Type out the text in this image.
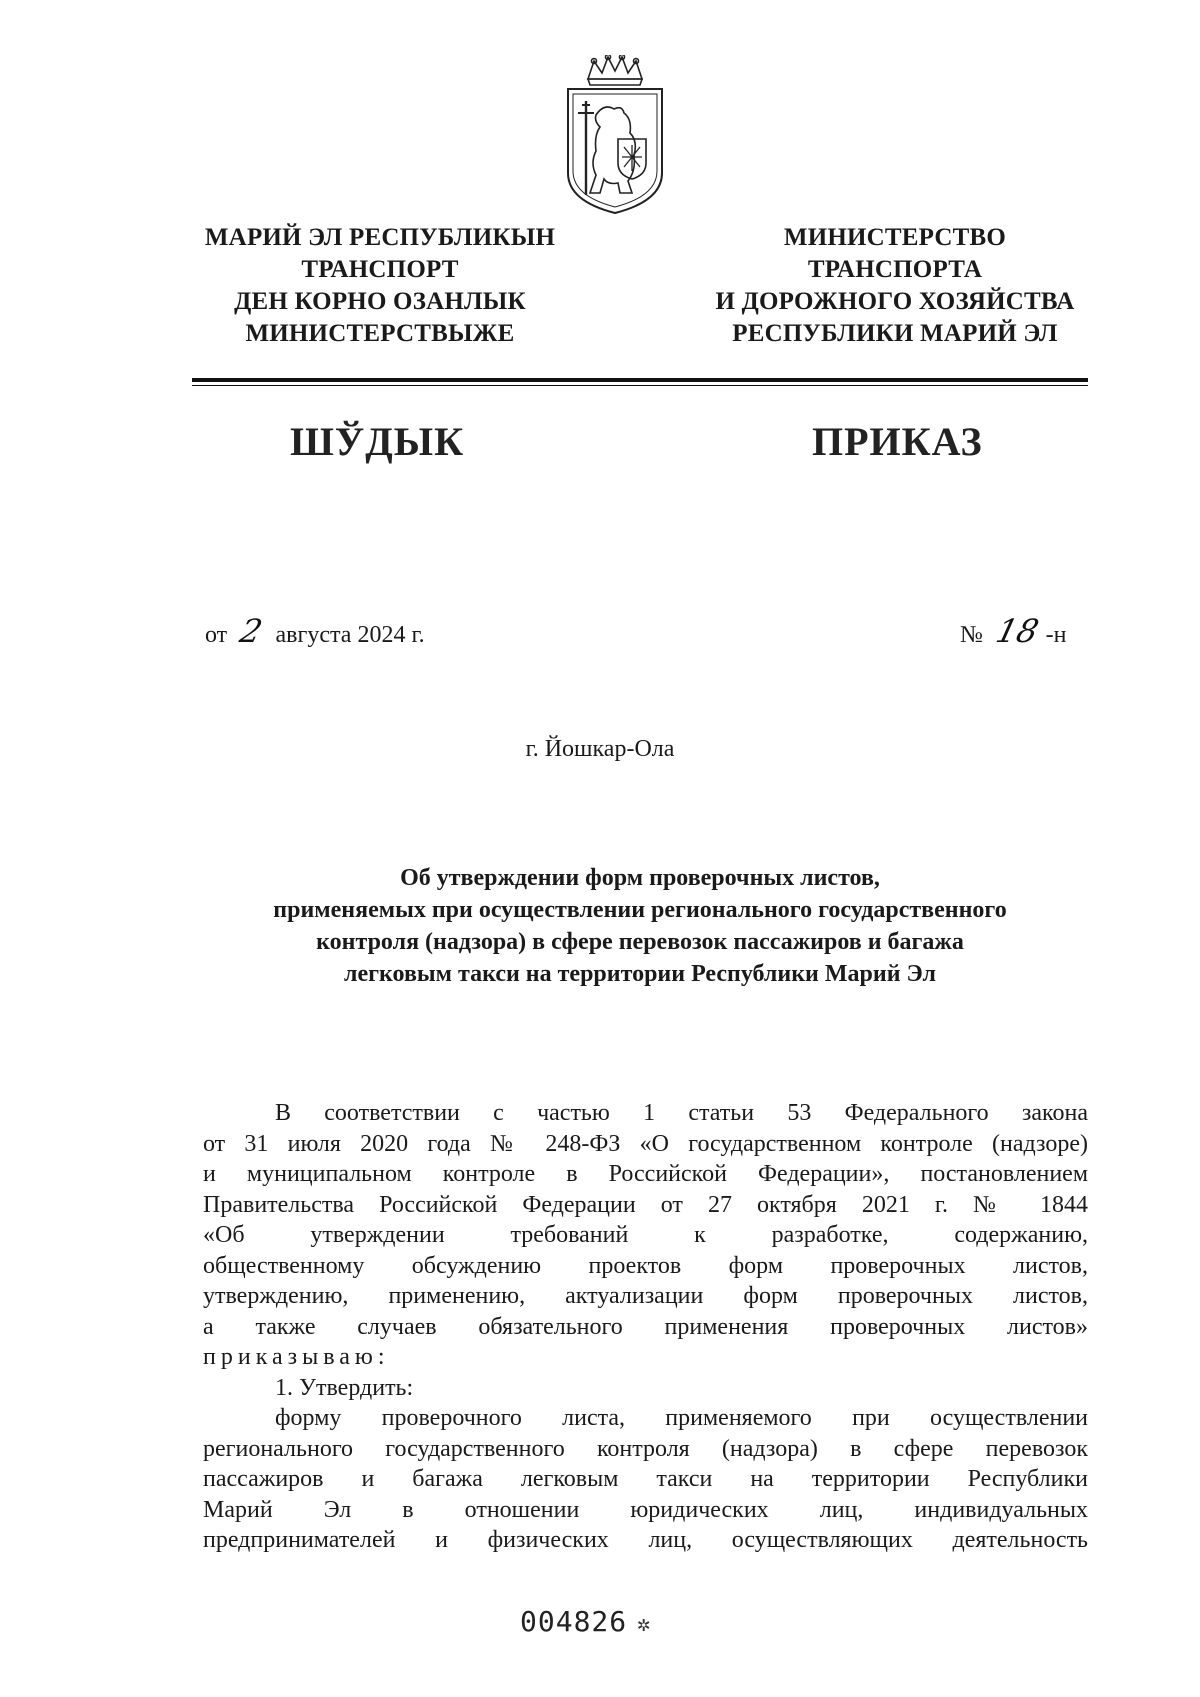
МАРИЙ ЭЛ РЕСПУБЛИКЫН
ТРАНСПОРТ
ДЕН КОРНО ОЗАНЛЫК
МИНИСТЕРСТВЫЖЕ
МИНИСТЕРСТВО
ТРАНСПОРТА
И ДОРОЖНОГО ХОЗЯЙСТВА
РЕСПУБЛИКИ МАРИЙ ЭЛ
ШЎДЫК	ПРИКАЗ
от 2 августа 2024 г.	№ 18 -н
г. Йошкар-Ола
Об утверждении форм проверочных листов,
применяемых при осуществлении регионального государственного
контроля (надзора) в сфере перевозок пассажиров и багажа
легковым такси на территории Республики Марий Эл
В соответствии с частью 1 статьи 53 Федерального закона
от 31 июля 2020 года № 248-ФЗ «О государственном контроле (надзоре)
и муниципальном контроле в Российской Федерации», постановлением
Правительства Российской Федерации от 27 октября 2021 г. № 1844
«Об утверждении требований к разработке, содержанию,
общественному обсуждению проектов форм проверочных листов,
утверждению, применению, актуализации форм проверочных листов,
а также случаев обязательного применения проверочных листов»
приказываю:
1. Утвердить:
форму проверочного листа, применяемого при осуществлении
регионального государственного контроля (надзора) в сфере перевозок
пассажиров и багажа легковым такси на территории Республики
Марий Эл в отношении юридических лиц, индивидуальных
предпринимателей и физических лиц, осуществляющих деятельность
004826 ✲
